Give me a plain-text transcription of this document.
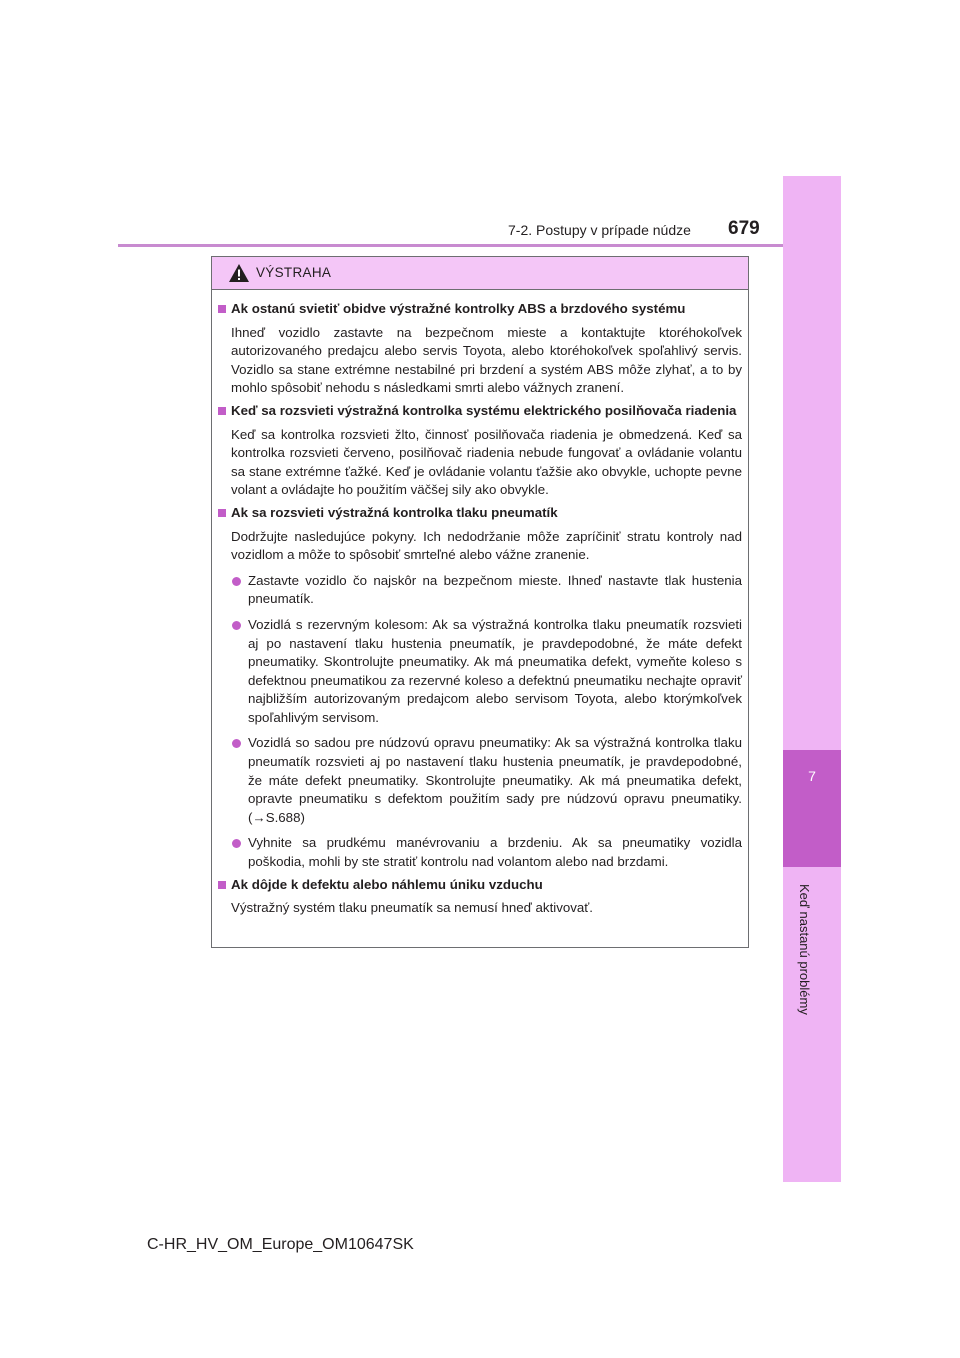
7
Keď nastanú problémy
7-2. Postupy v prípade núdze 679
VÝSTRAHA
Ak ostanú svietiť obidve výstražné kontrolky ABS a brzdového systému
Ihneď vozidlo zastavte na bezpečnom mieste a kontaktujte ktoréhokoľvek autorizovaného predajcu alebo servis Toyota, alebo ktoréhokoľvek spoľahlivý servis. Vozidlo sa stane extrémne nestabilné pri brzdení a systém ABS môže zlyhať, a to by mohlo spôsobiť nehodu s následkami smrti alebo vážnych zranení.
Keď sa rozsvieti výstražná kontrolka systému elektrického posilňovača riadenia
Keď sa kontrolka rozsvieti žlto, činnosť posilňovača riadenia je obmedzená. Keď sa kontrolka rozsvieti červeno, posilňovač riadenia nebude fungovať a ovládanie volantu sa stane extrémne ťažké. Keď je ovládanie volantu ťažšie ako obvykle, uchopte pevne volant a ovládajte ho použitím väčšej sily ako obvykle.
Ak sa rozsvieti výstražná kontrolka tlaku pneumatík
Dodržujte nasledujúce pokyny. Ich nedodržanie môže zapríčiniť stratu kontroly nad vozidlom a môže to spôsobiť smrteľné alebo vážne zranenie.
Zastavte vozidlo čo najskôr na bezpečnom mieste. Ihneď nastavte tlak hustenia pneumatík.
Vozidlá s rezervným kolesom: Ak sa výstražná kontrolka tlaku pneumatík rozsvieti aj po nastavení tlaku hustenia pneumatík, je pravdepodobné, že máte defekt pneumatiky. Skontrolujte pneumatiky. Ak má pneumatika defekt, vymeňte koleso s defektnou pneumatikou za rezervné koleso a defektnú pneumatiku nechajte opraviť najbližším autorizovaným predajcom alebo servisom Toyota, alebo ktorýmkoľvek spoľahlivým servisom.
Vozidlá so sadou pre núdzovú opravu pneumatiky: Ak sa výstražná kontrolka tlaku pneumatík rozsvieti aj po nastavení tlaku hustenia pneumatík, je pravdepodobné, že máte defekt pneumatiky. Skontrolujte pneumatiky. Ak má pneumatika defekt, opravte pneumatiku s defektom použitím sady pre núdzovú opravu pneumatiky. (→S.688)
Vyhnite sa prudkému manévrovaniu a brzdeniu. Ak sa pneumatiky vozidla poškodia, mohli by ste stratiť kontrolu nad volantom alebo nad brzdami.
Ak dôjde k defektu alebo náhlemu úniku vzduchu
Výstražný systém tlaku pneumatík sa nemusí hneď aktivovať.
C-HR_HV_OM_Europe_OM10647SK
